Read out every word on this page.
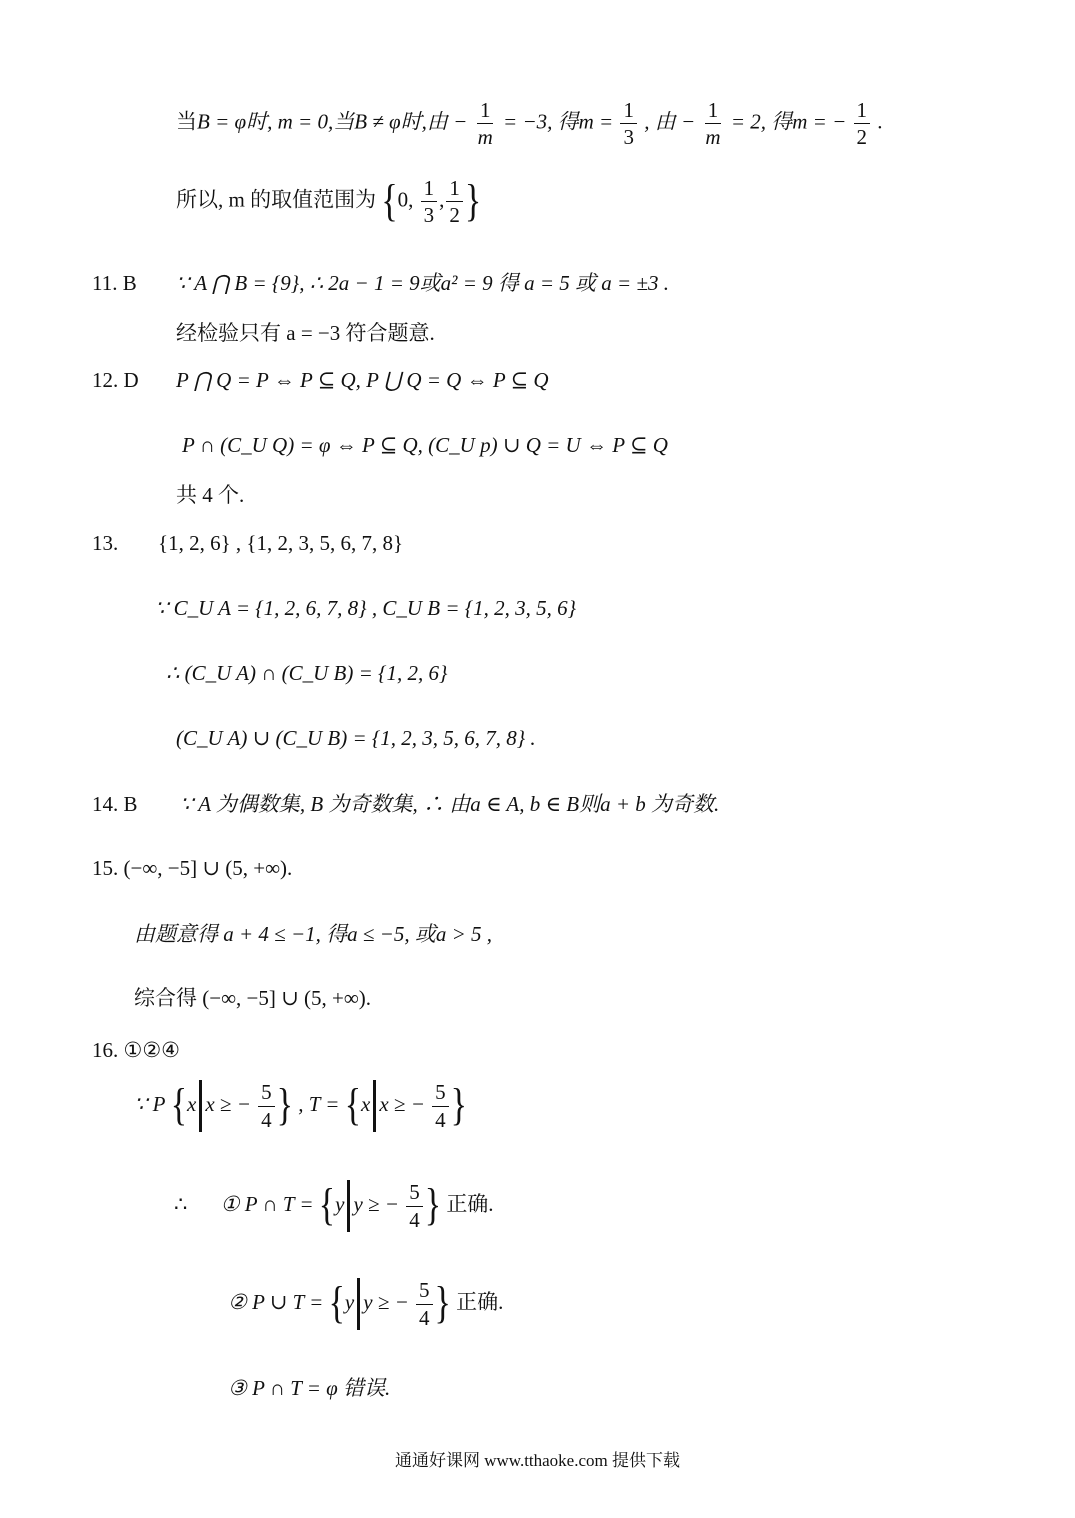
当B = φ时, m = 0,当B ≠ φ时,由 − $\frac{1}{m} = -3$, 得$m = \frac{1}{3}$ , 由 − $\frac{1}{m} = 2$, 得m = − $\frac{1}{2}$ .
所以, m 的取值范围为 {0, $\frac{1}{3}$ , $\frac{1}{2}$ }
11. B ∵ A ⋂ B = {9}, ∴ 2a − 1 = 9或a² = 9 得 a = 5 或 a = ±3 .
经检验只有 a = −3 符合题意.
12. D P ⋂ Q = P ⇔ P ⊆ Q, P ⋃ Q = Q ⇔ P ⊆ Q
P ∩ (C_U Q) = φ ⇔ P ⊆ Q, (C_U p) ∪ Q = U ⇔ P ⊆ Q
共 4 个.
13. {1, 2, 6} , {1, 2, 3, 5, 6, 7, 8}
∵ C_U A = {1, 2, 6, 7, 8} , C_U B = {1, 2, 3, 5, 6}
∴ (C_U A) ∩ (C_U B) = {1, 2, 6}
(C_U A) ∪ (C_U B) = {1, 2, 3, 5, 6, 7, 8} .
14. B ∵ A 为偶数集, B 为奇数集, ∴ 由a ∈ A, b ∈ B则a + b 为奇数.
15. (−∞, −5] ∪ (5, +∞).
由题意得 a + 4 ≤ −1, 得a ≤ −5, 或a > 5 ,
综合得 (−∞, −5] ∪ (5, +∞).
16. ①②④
∵ P {x x ≥ − $\frac{5}{4}$ } , T = {x x ≥ − $\frac{5}{4}$ }
∴ ① P ∩ T = {y y ≥ − $\frac{5}{4}$ } 正确.
② P ∪ T = {y y ≥ − $\frac{5}{4}$ } 正确.
③ P ∩ T = φ 错误.
通通好课网 www.tthaoke.com 提供下载
